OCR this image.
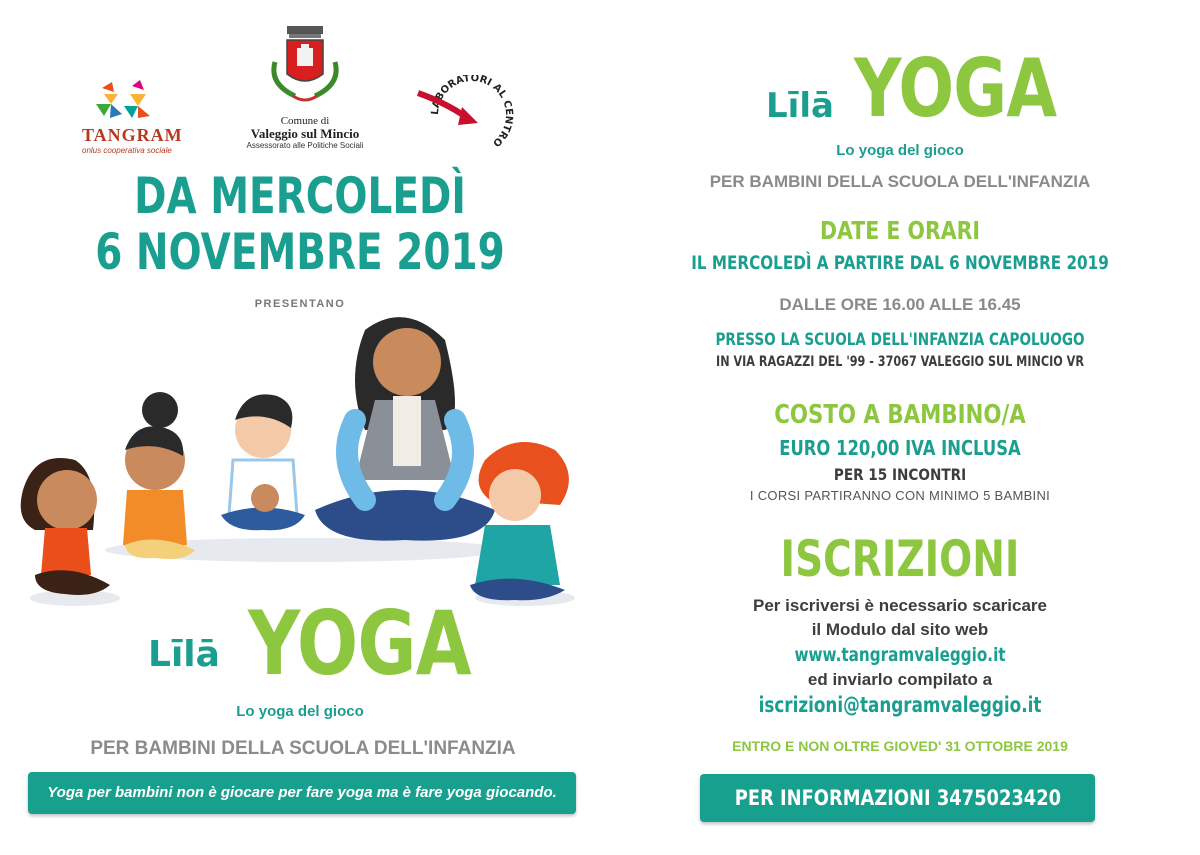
TANGRAM
onlus cooperativa sociale
Comune di
Valeggio sul Mincio
Assessorato alle Politiche Sociali
LABORATORI AL CENTRO
DA MERCOLEDÌ
6 NOVEMBRE 2019
PRESENTANO
Līlā YOGA
Lo yoga del gioco
PER BAMBINI DELLA SCUOLA DELL'INFANZIA
Yoga per bambini non è giocare per fare yoga ma è fare yoga giocando.
Līlā YOGA
Lo yoga del gioco
PER BAMBINI DELLA SCUOLA DELL'INFANZIA
DATE E ORARI
IL MERCOLEDÌ A PARTIRE DAL 6 NOVEMBRE 2019
DALLE ORE 16.00 ALLE 16.45
PRESSO LA SCUOLA DELL'INFANZIA CAPOLUOGO
IN VIA RAGAZZI DEL '99 - 37067 VALEGGIO SUL MINCIO VR
COSTO A BAMBINO/A
EURO 120,00 IVA INCLUSA
PER 15 INCONTRI
I CORSI PARTIRANNO CON MINIMO 5 BAMBINI
ISCRIZIONI
Per iscriversi è necessario scaricare
il Modulo dal sito web
www.tangramvaleggio.it
ed inviarlo compilato a
iscrizioni@tangramvaleggio.it
ENTRO E NON OLTRE GIOVED' 31 OTTOBRE 2019
PER INFORMAZIONI 3475023420
